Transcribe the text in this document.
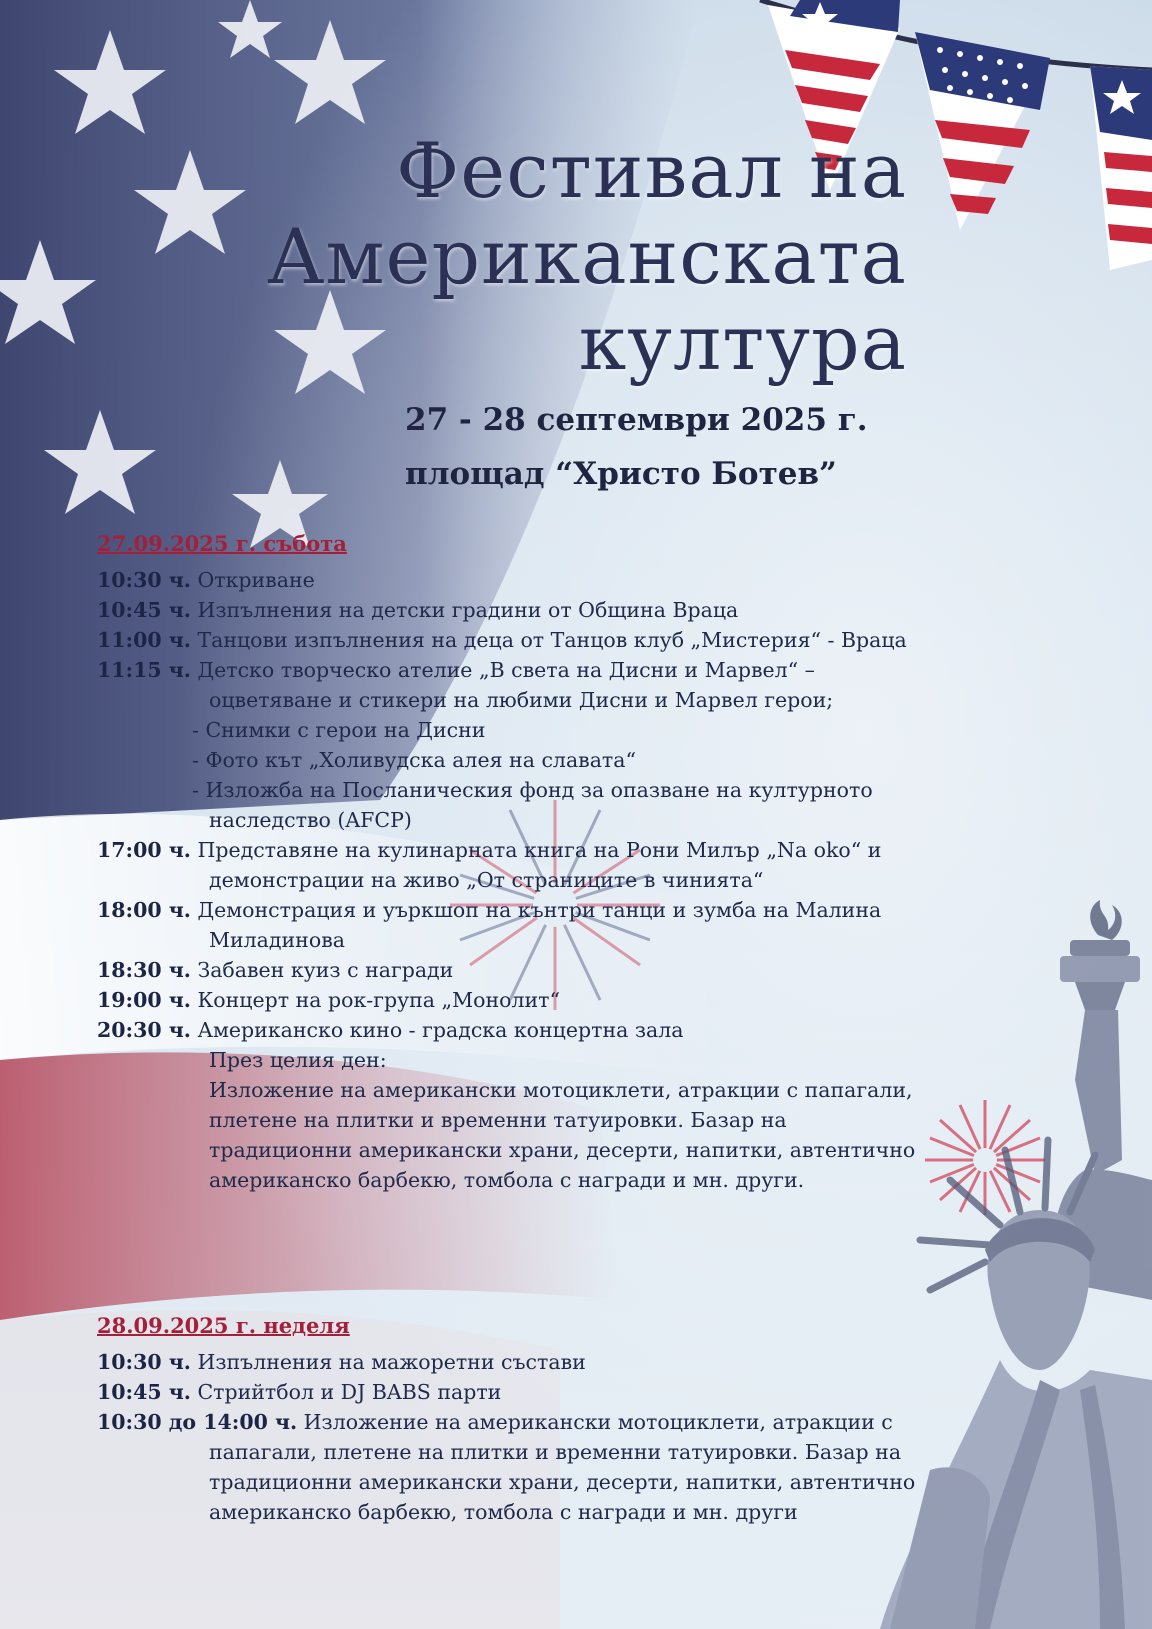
Фестивал на
Американската
култура
27 - 28 септември 2025 г.
площад “Христо Ботев”
27.09.2025 г. събота
10:30 ч. Откриване
10:45 ч. Изпълнения на детски градини от Община Враца
11:00 ч. Танцови изпълнения на деца от Танцов клуб „Мистерия“ - Враца
11:15 ч. Детско творческо ателие „В света на Дисни и Марвел“ –
оцветяване и стикери на любими Дисни и Марвел герои;
- Снимки с герои на Дисни
- Фото кът „Холивудска алея на славата“
- Изложба на Посланическия фонд за опазване на културното
наследство (AFCP)
17:00 ч. Представяне на кулинарната книга на Рони Милър „Na oko“ и
демонстрации на живо „От страниците в чинията“
18:00 ч. Демонстрация и уъркшоп на кънтри танци и зумба на Малина
Миладинова
18:30 ч. Забавен куиз с награди
19:00 ч. Концерт на рок-група „Монолит“
20:30 ч. Американско кино - градска концертна зала
През целия ден:
Изложение на американски мотоциклети, атракции с папагали,
плетене на плитки и временни татуировки. Базар на
традиционни американски храни, десерти, напитки, автентично
американско барбекю, томбола с награди и мн. други.
28.09.2025 г. неделя
10:30 ч. Изпълнения на мажоретни състави
10:45 ч. Стрийтбол и DJ BABS парти
10:30 до 14:00 ч. Изложение на американски мотоциклети, атракции с
папагали, плетене на плитки и временни татуировки. Базар на
традиционни американски храни, десерти, напитки, автентично
американско барбекю, томбола с награди и мн. други
